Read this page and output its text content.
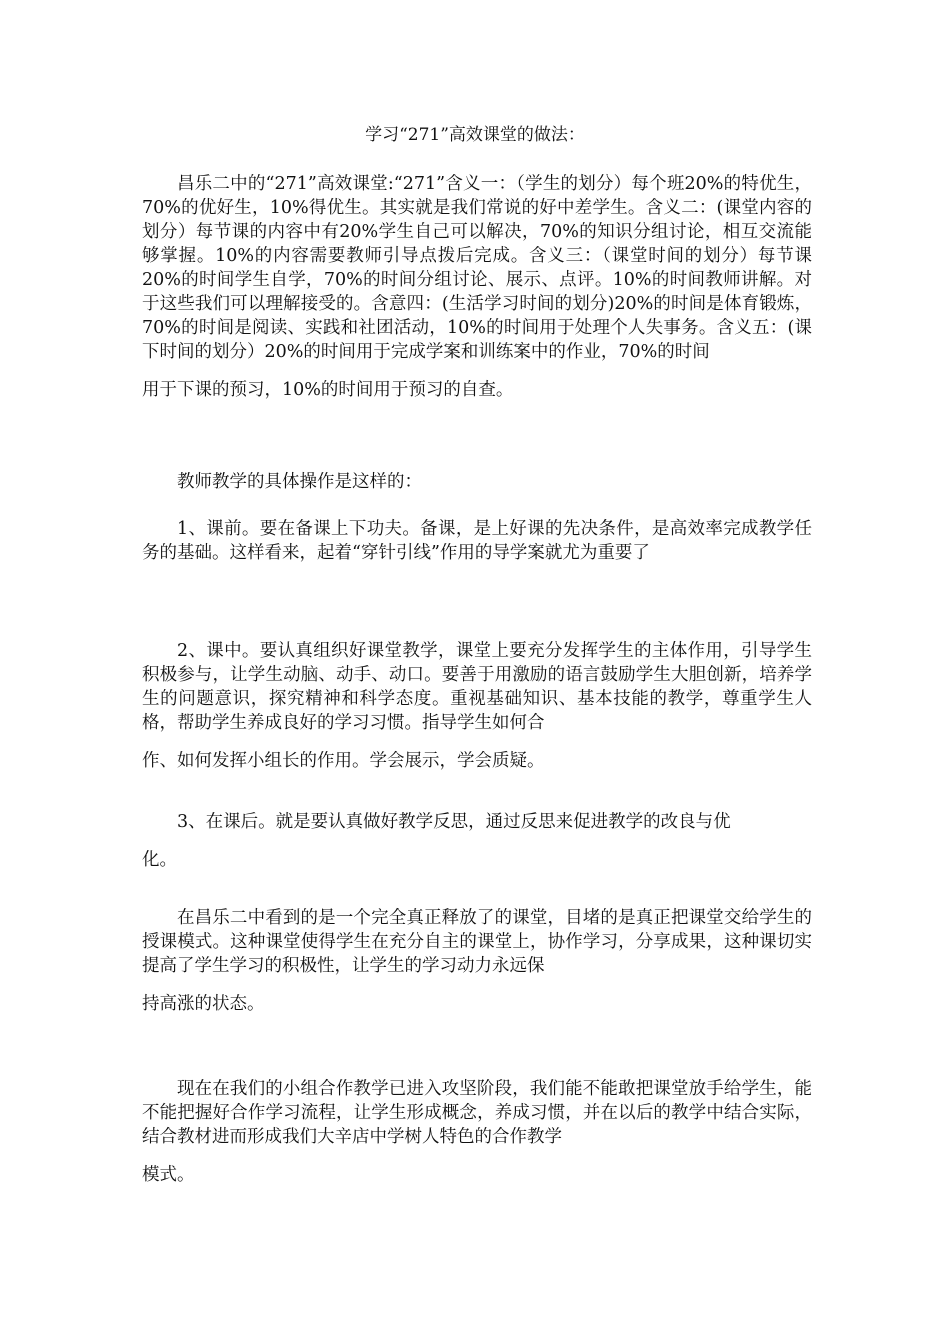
学习“271”高效课堂的做法：

昌乐二中的“271”高效课堂:“271”含义一：（学生的划分）每个班20%的特优生，70%的优好生，10%得优生。其实就是我们常说的好中差学生。含义二：(课堂内容的划分）每节课的内容中有20%学生自己可以解决，70%的知识分组讨论，相互交流能够掌握。10%的内容需要教师引导点拨后完成。含义三：（课堂时间的划分）每节课20%的时间学生自学，70%的时间分组讨论、展示、点评。10%的时间教师讲解。对于这些我们可以理解接受的。含意四：(生活学习时间的划分)20%的时间是体育锻炼，70%的时间是阅读、实践和社团活动，10%的时间用于处理个人失事务。含义五：(课下时间的划分）20%的时间用于完成学案和训练案中的作业，70%的时间
用于下课的预习，10%的时间用于预习的自查。

教师教学的具体操作是这样的：

1、课前。要在备课上下功夫。备课，是上好课的先决条件，是高效率完成教学任务的基础。这样看来，起着“穿针引线”作用的导学案就尤为重要了

2、课中。要认真组织好课堂教学，课堂上要充分发挥学生的主体作用，引导学生积极参与，让学生动脑、动手、动口。要善于用激励的语言鼓励学生大胆创新，培养学生的问题意识，探究精神和科学态度。重视基础知识、基本技能的教学，尊重学生人格，帮助学生养成良好的学习习惯。指导学生如何合
作、如何发挥小组长的作用。学会展示，学会质疑。

3、在课后。就是要认真做好教学反思，通过反思来促进教学的改良与优
化。

在昌乐二中看到的是一个完全真正释放了的课堂，目堵的是真正把课堂交给学生的授课模式。这种课堂使得学生在充分自主的课堂上，协作学习，分享成果，这种课切实提高了学生学习的积极性，让学生的学习动力永远保
持高涨的状态。

现在在我们的小组合作教学已进入攻坚阶段，我们能不能敢把课堂放手给学生，能不能把握好合作学习流程，让学生形成概念，养成习惯，并在以后的教学中结合实际，结合教材进而形成我们大辛店中学树人特色的合作教学
模式。
